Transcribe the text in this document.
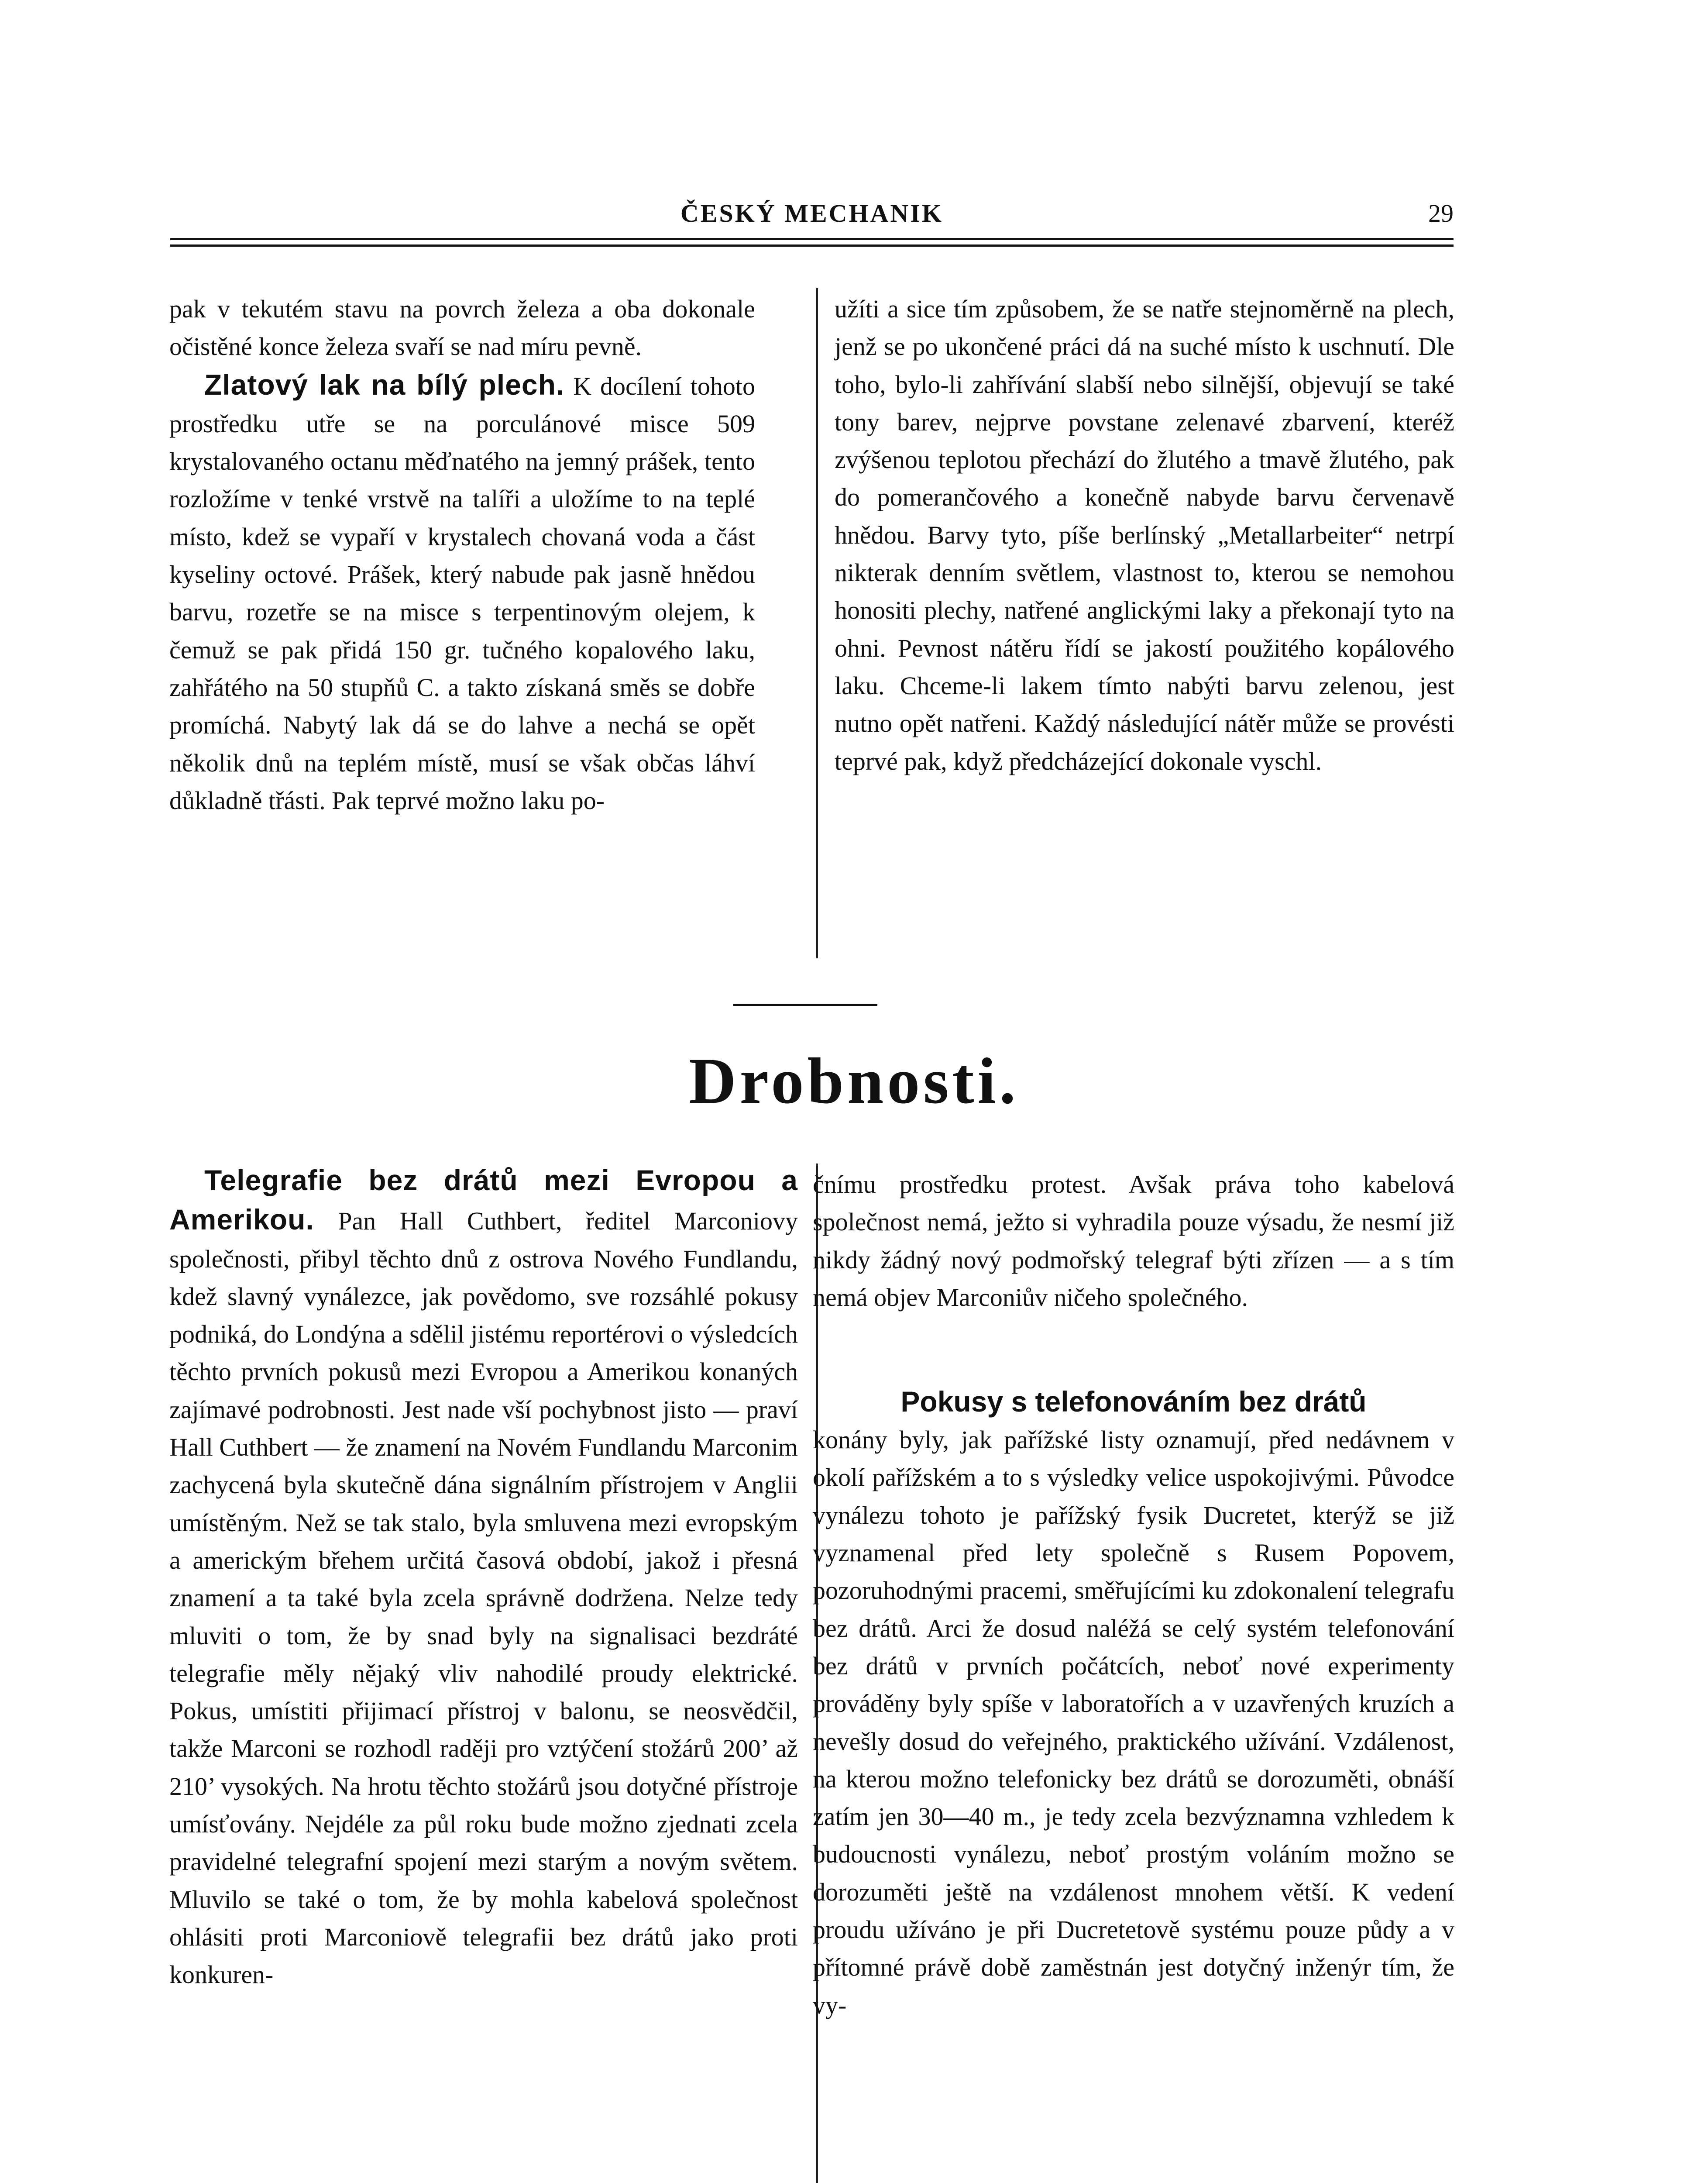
ČESKÝ MECHANIK	29

pak v tekutém stavu na povrch železa a oba dokonale očistěné konce železa svaří se nad míru pevně.

Zlatový lak na bílý plech. K docílení tohoto prostředku utře se na porculánové misce 509 krystalovaného octanu měďnatého na jemný prášek, tento rozložíme v tenké vrstvě na talíři a uložíme to na teplé místo, kdež se vypaří v krystalech chovaná voda a část kyseliny octové. Prášek, který nabude pak jasně hnědou barvu, rozetře se na misce s terpentinovým olejem, k čemuž se pak přidá 150 gr. tučného kopalového laku, zahřátého na 50 stupňů C. a takto získaná směs se dobře promíchá. Nabytý lak dá se do lahve a nechá se opět několik dnů na teplém místě, musí se však občas láhví důkladně třásti. Pak teprvé možno laku po-

užíti a sice tím způsobem, že se natře stejnoměrně na plech, jenž se po ukončené práci dá na suché místo k uschnutí. Dle toho, bylo-li zahřívání slabší nebo silnější, objevují se také tony barev, nejprve povstane zelenavé zbarvení, kteréž zvýšenou teplotou přechází do žlutého a tmavě žlutého, pak do pomerančového a konečně nabyde barvu červenavě hnědou. Barvy tyto, píše berlínský „Metallarbeiter“ netrpí nikterak denním světlem, vlastnost to, kterou se nemohou honositi plechy, natřené anglickými laky a překonají tyto na ohni. Pevnost nátěru řídí se jakostí použitého kopálového laku. Chceme-li lakem tímto nabýti barvu zelenou, jest nutno opět natřeni. Každý následující nátěr může se provésti teprvé pak, když předcházející dokonale vyschl.

Drobnosti.

Telegrafie bez drátů mezi Evropou a Amerikou. Pan Hall Cuthbert, ředitel Marconiovy společnosti, přibyl těchto dnů z ostrova Nového Fundlandu, kdež slavný vynálezce, jak povědomo, sve rozsáhlé pokusy podniká, do Londýna a sdělil jistému reportérovi o výsledcích těchto prvních pokusů mezi Evropou a Amerikou konaných zajímavé podrobnosti. Jest nade vší pochybnost jisto — praví Hall Cuthbert — že znamení na Novém Fundlandu Marconim zachycená byla skutečně dána signálním přístrojem v Anglii umístěným. Než se tak stalo, byla smluvena mezi evropským a americkým břehem určitá časová období, jakož i přesná znamení a ta také byla zcela správně dodržena. Nelze tedy mluviti o tom, že by snad byly na signalisaci bezdráté telegrafie měly nějaký vliv nahodilé proudy elektrické. Pokus, umístiti přijimací přístroj v balonu, se neosvědčil, takže Marconi se rozhodl raději pro vztýčení stožárů 200’ až 210’ vysokých. Na hrotu těchto stožárů jsou dotyčné přístroje umísťovány. Nejdéle za půl roku bude možno zjednati zcela pravidelné telegrafní spojení mezi starým a novým světem. Mluvilo se také o tom, že by mohla kabelová společnost ohlásiti proti Marconiově telegrafii bez drátů jako proti konkuren-

čnímu prostředku protest. Avšak práva toho kabelová společnost nemá, ježto si vyhradila pouze výsadu, že nesmí již nikdy žádný nový podmořský telegraf býti zřízen — a s tím nemá objev Marconiův ničeho společného.

Pokusy s telefonováním bez drátů

konány byly, jak pařížské listy oznamují, před nedávnem v okolí pařížském a to s výsledky velice uspokojivými. Původce vynálezu tohoto je pařížský fysik Ducretet, kterýž se již vyznamenal před lety společně s Rusem Popovem, pozoruhodnými pracemi, směřujícími ku zdokonalení telegrafu bez drátů. Arci že dosud naléžá se celý systém telefonování bez drátů v prvních počátcích, neboť nové experimenty prováděny byly spíše v laboratořích a v uzavřených kruzích a nevešly dosud do veřejného, praktického užívání. Vzdálenost, na kterou možno telefonicky bez drátů se dorozuměti, obnáší zatím jen 30—40 m., je tedy zcela bezvýznamna vzhledem k budoucnosti vynálezu, neboť prostým voláním možno se dorozuměti ještě na vzdálenost mnohem větší. K vedení proudu užíváno je při Ducretetově systému pouze půdy a v přítomné právě době zaměstnán jest dotyčný inženýr tím, že vy-
